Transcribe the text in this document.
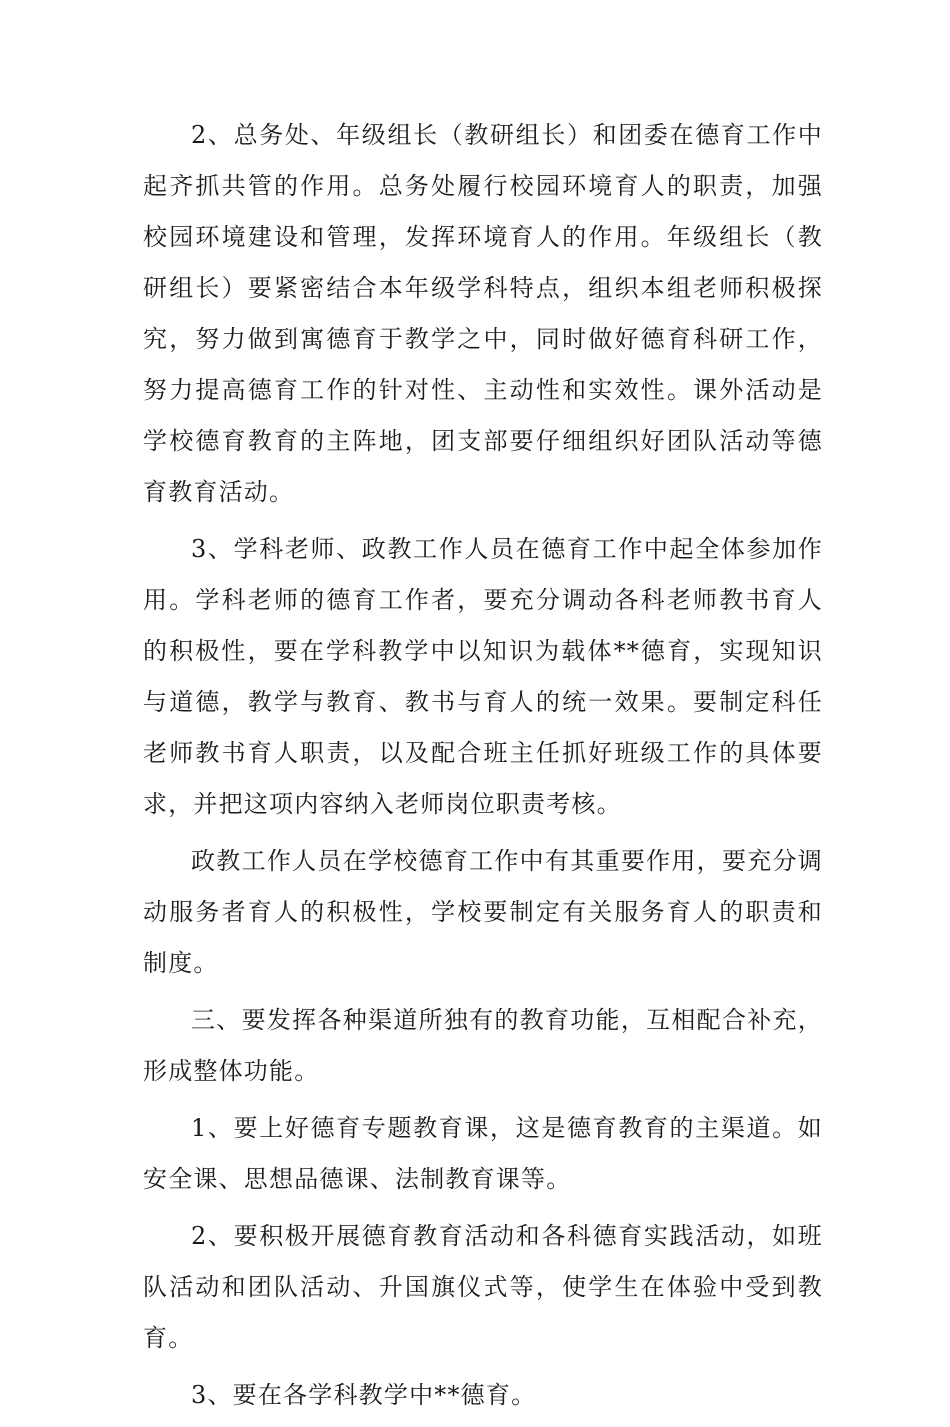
2、总务处、年级组长（教研组长）和团委在德育工作中起齐抓共管的作用。总务处履行校园环境育人的职责，加强校园环境建设和管理，发挥环境育人的作用。年级组长（教研组长）要紧密结合本年级学科特点，组织本组老师积极探究，努力做到寓德育于教学之中，同时做好德育科研工作，努力提高德育工作的针对性、主动性和实效性。课外活动是学校德育教育的主阵地，团支部要仔细组织好团队活动等德育教育活动。

3、学科老师、政教工作人员在德育工作中起全体参加作用。学科老师的德育工作者，要充分调动各科老师教书育人的积极性，要在学科教学中以知识为载体**德育，实现知识与道德，教学与教育、教书与育人的统一效果。要制定科任老师教书育人职责，以及配合班主任抓好班级工作的具体要求，并把这项内容纳入老师岗位职责考核。

政教工作人员在学校德育工作中有其重要作用，要充分调动服务者育人的积极性，学校要制定有关服务育人的职责和制度。

三、要发挥各种渠道所独有的教育功能，互相配合补充，形成整体功能。

1、要上好德育专题教育课，这是德育教育的主渠道。如安全课、思想品德课、法制教育课等。

2、要积极开展德育教育活动和各科德育实践活动，如班队活动和团队活动、升国旗仪式等，使学生在体验中受到教育。

3、要在各学科教学中**德育。
